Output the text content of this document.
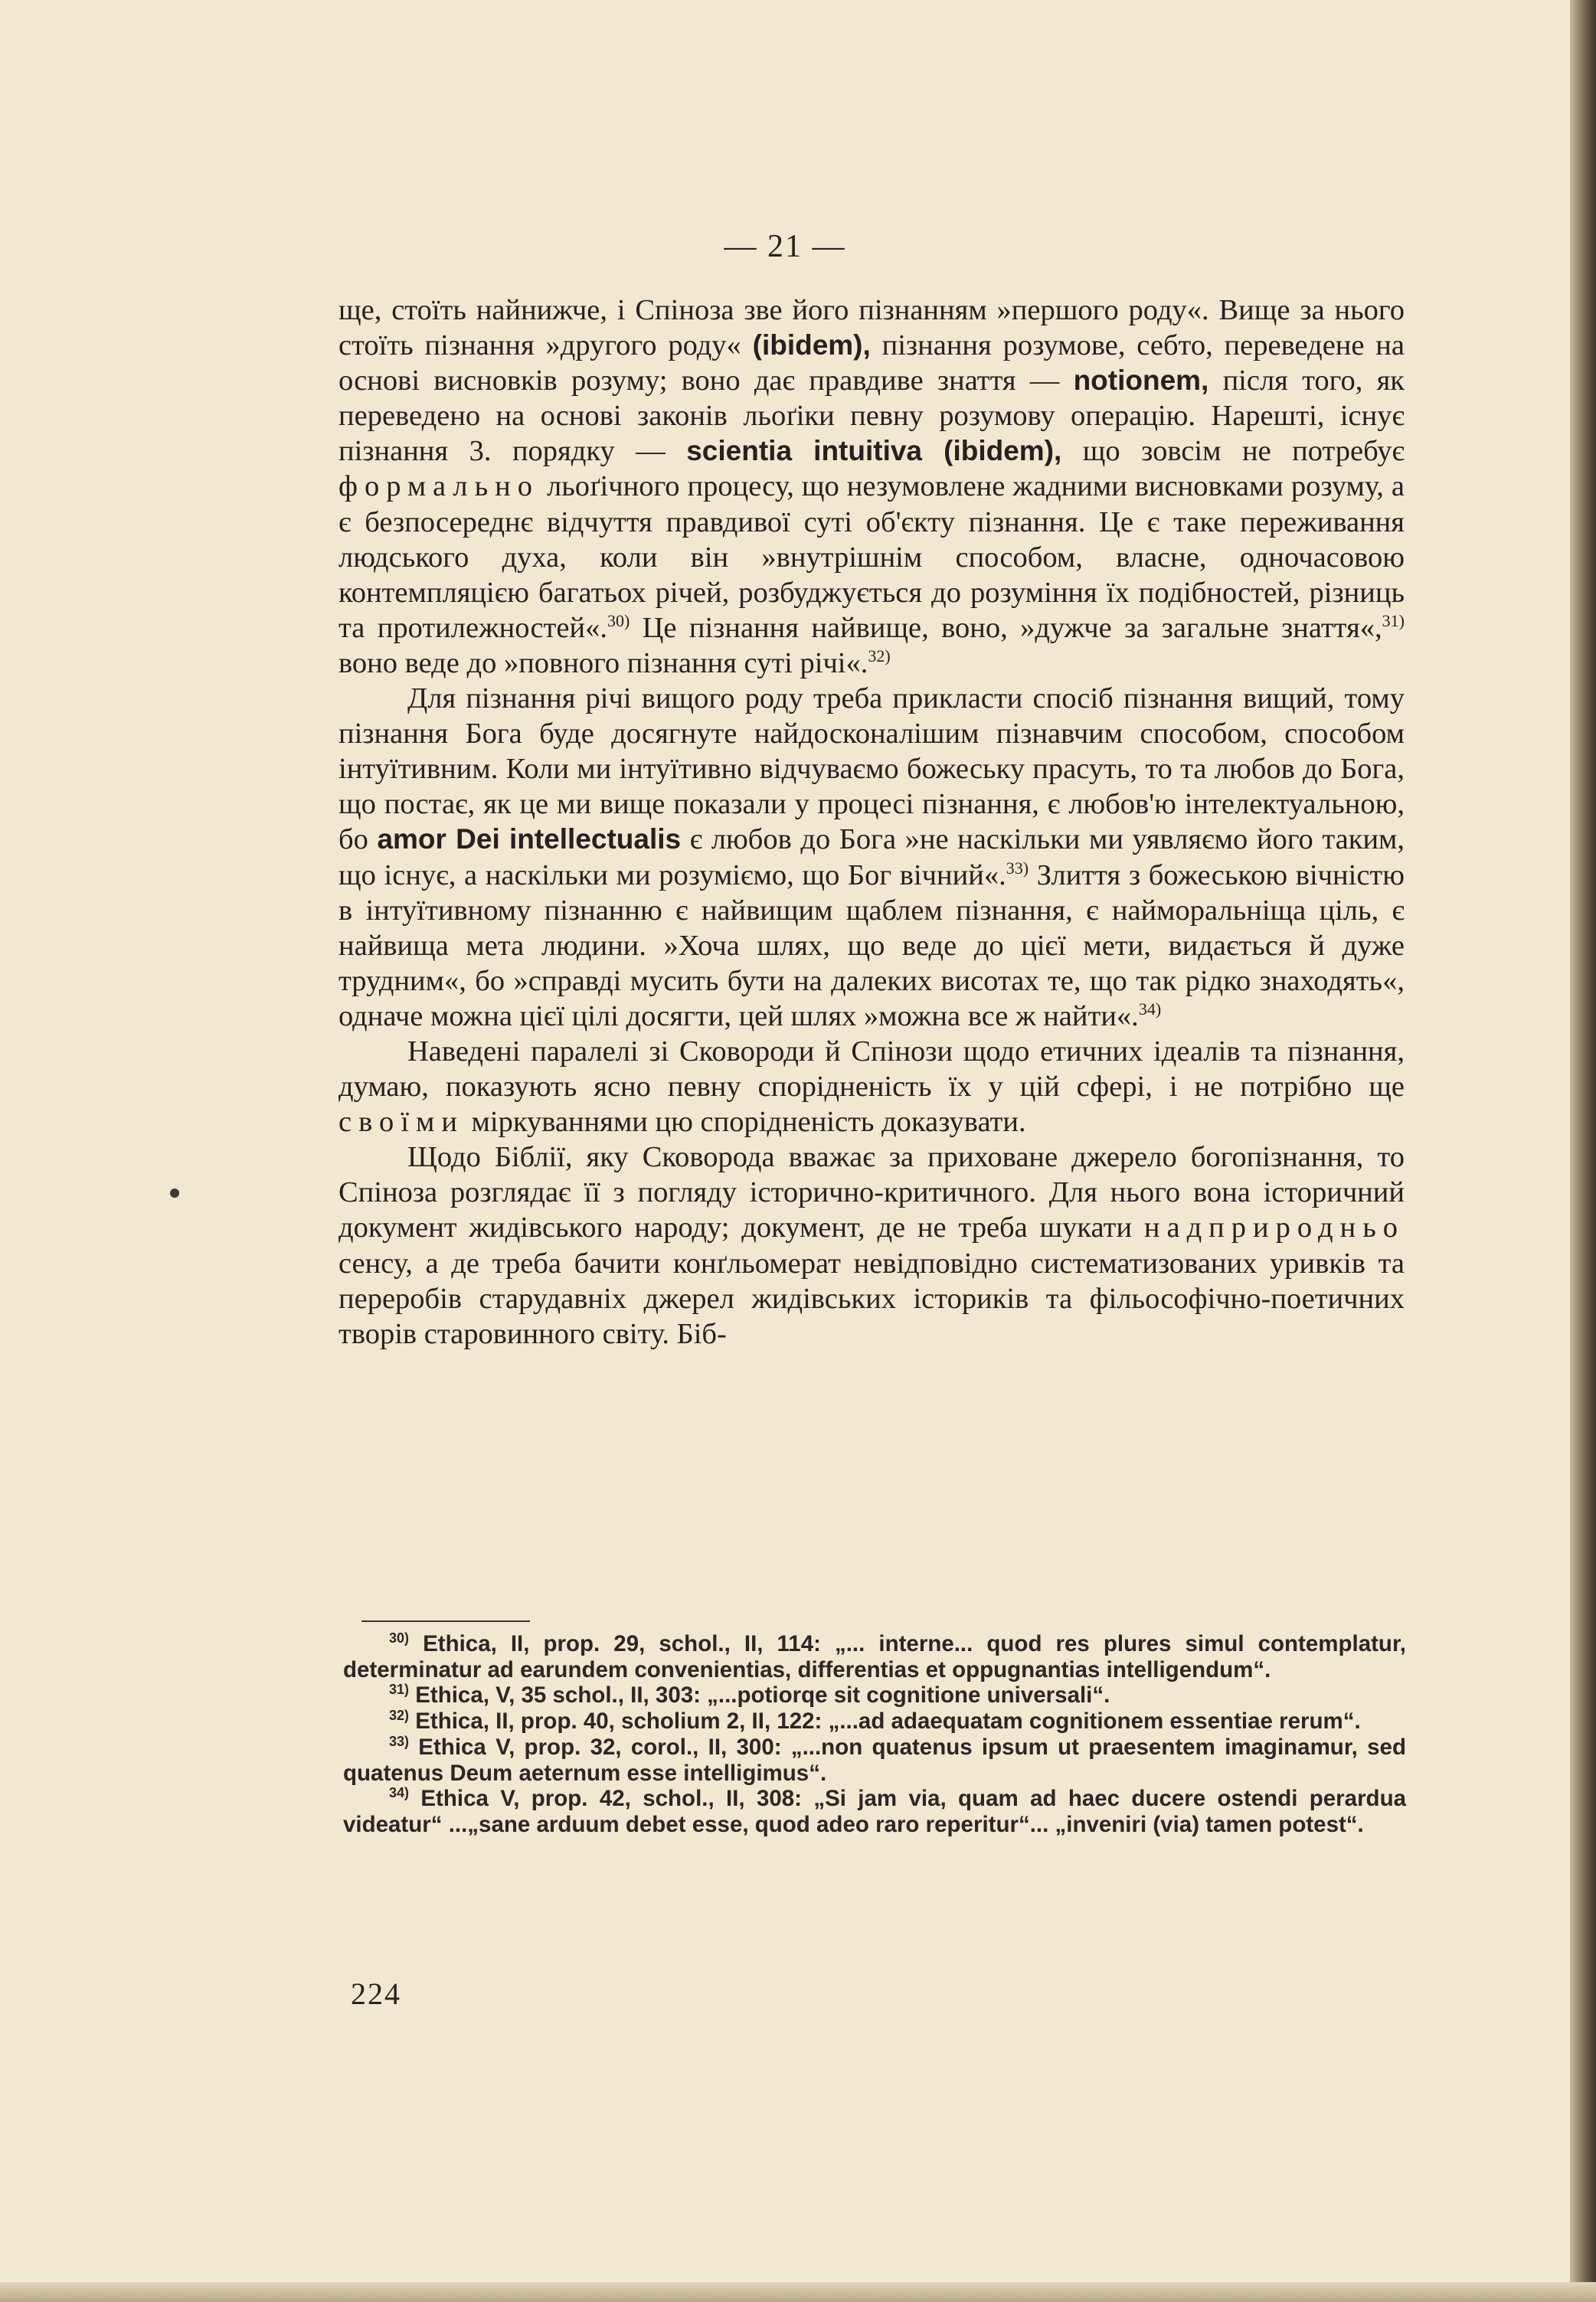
— 21 —

ще, стоїть найнижче, і Спіноза зве його пізнанням »першого роду«. Вище за нього стоїть пізнання »другого роду« (ibidem), пізнання розумове, себто, переведене на основі висновків розуму; воно дає правдиве знаття — notionem, після того, як переведено на основі законів льоґіки певну розумову операцію. Нарешті, існує пізнання 3. порядку — scientia intuitiva (ibidem), що зовсім не потребує формально льоґічного процесу, що незумовлене жадними висновками розуму, а є безпосереднє відчуття правдивої суті об'єкту пізнання. Це є таке переживання людського духа, коли він »внутрішнім способом, власне, одночасовою контемпляцією багатьох річей, розбуджується до розуміння їх подібностей, різниць та протилежностей«.$^{30)}$ Це пізнання найвище, воно, »дужче за загальне знаття«,$^{31)}$ воно веде до »повного пізнання суті річі«.$^{32)}$

Для пізнання річі вищого роду треба прикласти спосіб пізнання вищий, тому пізнання Бога буде досягнуте найдосконалішим пізнавчим способом, способом інтуїтивним. Коли ми інтуїтивно відчуваємо божеську прасуть, то та любов до Бога, що постає, як це ми вище показали у процесі пізнання, є любов'ю інтелектуальною, бо amor Dei intellectualis є любов до Бога »не наскільки ми уявляємо його таким, що існує, а наскільки ми розуміємо, що Бог вічний«.$^{33)}$ Злиття з божеською вічністю в інтуїтивному пізнанню є найвищим щаблем пізнання, є наймоpальніща ціль, є найвища мета людини. »Хоча шлях, що веде до цієї мети, видається й дуже трудним«, бо »справді мусить бути на далеких висотах те, що так рідко знаходять«, одначе можна цієї цілі досягти, цей шлях »можна все ж найти«.$^{34)}$

Наведені паралелі зі Сковороди й Спінози щодо етичних ідеалів та пізнання, думаю, показують ясно певну спорідненість їх у цій сфері, і не потрібно ще своїми міркуваннями цю спорідненість доказувати.

Щодо Біблії, яку Сковорода вважає за приховане джерело богопізнання, то Спіноза розглядає її з погляду історично-критичного. Для нього вона історичний документ жидівського народу; документ, де не треба шукати надприродньо сенсу, а де треба бачити конґльомерат невідповідно систематизованих уривків та переробів старудавніх джерел жидівських істориків та фільософічно-поетичних творів старовинного світу. Біб-

$^{30)}$ Ethica, II, prop. 29, schol., II, 114: „... interne... quod res plures simul contemplatur, determinatur ad earundem convenientias, differentias et oppugnantias intelligendum“.

$^{31)}$ Ethica, V, 35 schol., II, 303: „...potiorqe sit cognitione universali“.

$^{32)}$ Ethica, II, prop. 40, scholium 2, II, 122: „...ad adaequatam cognitionem essentiae rerum“.

$^{33)}$ Ethica V, prop. 32, corol., II, 300: „...non quatenus ipsum ut praesentem imaginamur, sed quatenus Deum aeternum esse intelligimus“.

$^{34)}$ Ethica V, prop. 42, schol., II, 308: „Si jam via, quam ad haec ducere ostendi perardua videatur“ ...„sane arduum debet esse, quod adeo raro reperitur“... „inveniri (via) tamen potest“.

224
